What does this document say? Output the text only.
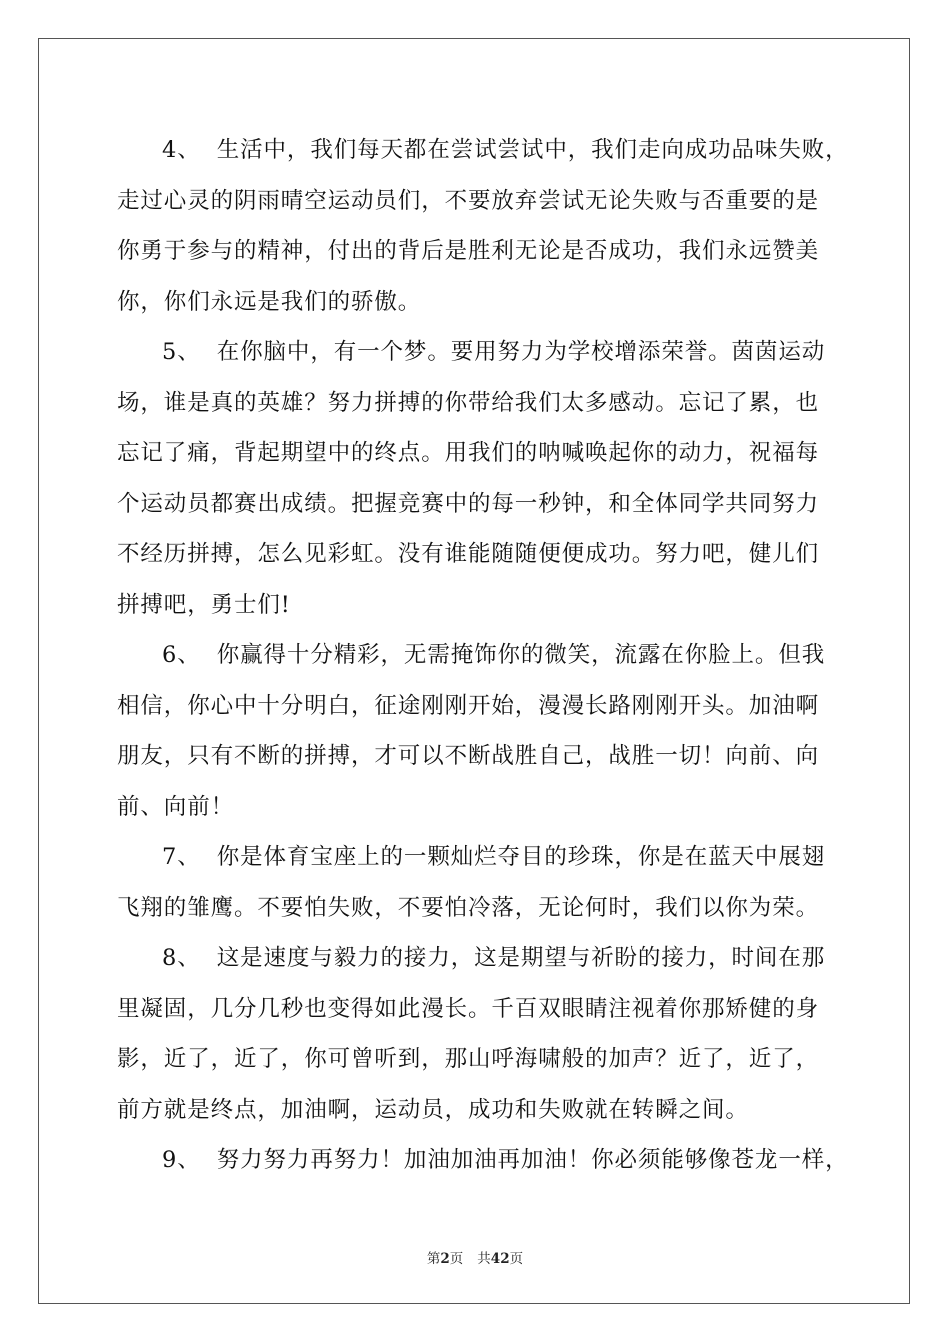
4、 生活中，我们每天都在尝试尝试中，我们走向成功品味失败，
走过心灵的阴雨晴空运动员们，不要放弃尝试无论失败与否重要的是
你勇于参与的精神，付出的背后是胜利无论是否成功，我们永远赞美
你，你们永远是我们的骄傲。
5、 在你脑中，有一个梦。要用努力为学校增添荣誉。茵茵运动
场，谁是真的英雄？努力拼搏的你带给我们太多感动。忘记了累，也
忘记了痛，背起期望中的终点。用我们的呐喊唤起你的动力，祝福每
个运动员都赛出成绩。把握竞赛中的每一秒钟，和全体同学共同努力
不经历拼搏，怎么见彩虹。没有谁能随随便便成功。努力吧，健儿们
拼搏吧，勇士们!
6、 你赢得十分精彩，无需掩饰你的微笑，流露在你脸上。但我
相信，你心中十分明白，征途刚刚开始，漫漫长路刚刚开头。加油啊
朋友，只有不断的拼搏，才可以不断战胜自己，战胜一切！向前、向
前、向前！
7、 你是体育宝座上的一颗灿烂夺目的珍珠，你是在蓝天中展翅
飞翔的雏鹰。不要怕失败，不要怕冷落，无论何时，我们以你为荣。
8、 这是速度与毅力的接力，这是期望与祈盼的接力，时间在那
里凝固，几分几秒也变得如此漫长。千百双眼睛注视着你那矫健的身
影，近了，近了，你可曾听到，那山呼海啸般的加声？近了，近了，
前方就是终点，加油啊，运动员，成功和失败就在转瞬之间。
9、 努力努力再努力！加油加油再加油！你必须能够像苍龙一样，
第2页 共42页
